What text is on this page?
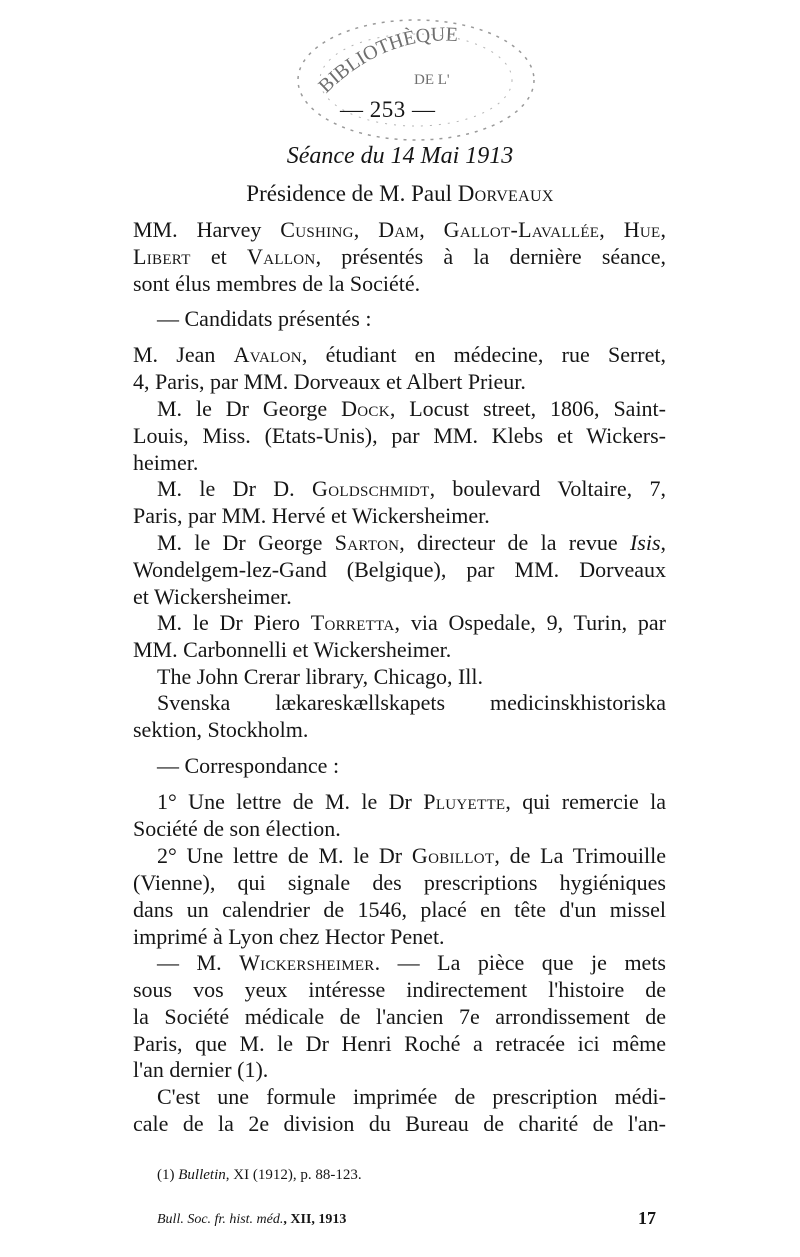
BIBLIOTHÈQUE
DE L'
— 253 —
Séance du 14 Mai 1913
Présidence de M. Paul Dorveaux
MM. Harvey Cushing, Dam, Gallot-Lavallée, Hue,
Libert et Vallon, présentés à la dernière séance,
sont élus membres de la Société.
— Candidats présentés :
M. Jean Avalon, étudiant en médecine, rue Serret,
4, Paris, par MM. Dorveaux et Albert Prieur.
M. le Dr George Dock, Locust street, 1806, Saint-
Louis, Miss. (Etats-Unis), par MM. Klebs et Wickers-
heimer.
M. le Dr D. Goldschmidt, boulevard Voltaire, 7,
Paris, par MM. Hervé et Wickersheimer.
M. le Dr George Sarton, directeur de la revue Isis,
Wondelgem-lez-Gand (Belgique), par MM. Dorveaux
et Wickersheimer.
M. le Dr Piero Torretta, via Ospedale, 9, Turin, par
MM. Carbonnelli et Wickersheimer.
The John Crerar library, Chicago, Ill.
Svenska lækareskællskapets medicinskhistoriska
sektion, Stockholm.
— Correspondance :
1° Une lettre de M. le Dr Pluyette, qui remercie la
Société de son élection.
2° Une lettre de M. le Dr Gobillot, de La Trimouille
(Vienne), qui signale des prescriptions hygiéniques
dans un calendrier de 1546, placé en tête d'un missel
imprimé à Lyon chez Hector Penet.
— M. Wickersheimer. — La pièce que je mets
sous vos yeux intéresse indirectement l'histoire de
la Société médicale de l'ancien 7e arrondissement de
Paris, que M. le Dr Henri Roché a retracée ici même
l'an dernier (1).
C'est une formule imprimée de prescription médi-
cale de la 2e division du Bureau de charité de l'an-
(1) Bulletin, XI (1912), p. 88-123.
Bull. Soc. fr. hist. méd., XII, 1913	17
